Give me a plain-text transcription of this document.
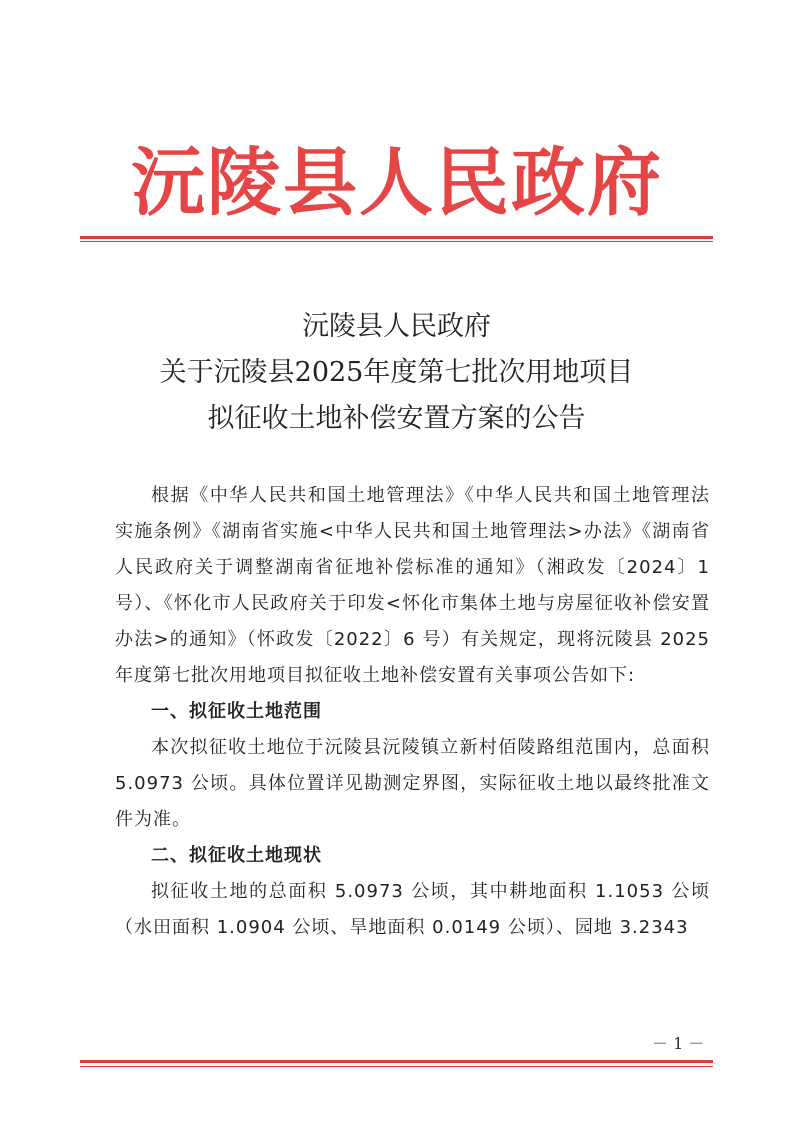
沅陵县人民政府
沅陵县人民政府
关于沅陵县2025年度第七批次用地项目
拟征收土地补偿安置方案的公告

根据《中华人民共和国土地管理法》《中华人民共和国土地管理法实施条例》《湖南省实施<中华人民共和国土地管理法>办法》《湖南省人民政府关于调整湖南省征地补偿标准的通知》（湘政发〔2024〕1 号）、《怀化市人民政府关于印发<怀化市集体土地与房屋征收补偿安置办法>的通知》（怀政发〔2022〕6 号）有关规定，现将沅陵县 2025 年度第七批次用地项目拟征收土地补偿安置有关事项公告如下:

一、拟征收土地范围

本次拟征收土地位于沅陵县沅陵镇立新村佰陵路组范围内，总面积 5.0973 公顷。具体位置详见勘测定界图，实际征收土地以最终批准文件为准。

二、拟征收土地现状

拟征收土地的总面积 5.0973 公顷，其中耕地面积 1.1053 公顷（水田面积 1.0904 公顷、旱地面积 0.0149 公顷）、园地 3.2343

－ 1 －
